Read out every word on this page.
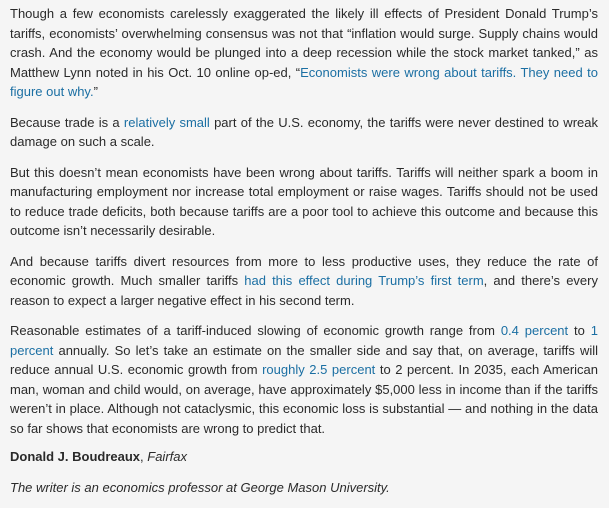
Though a few economists carelessly exaggerated the likely ill effects of President Donald Trump’s tariffs, economists’ overwhelming consensus was not that “inflation would surge. Supply chains would crash. And the economy would be plunged into a deep recession while the stock market tanked,” as Matthew Lynn noted in his Oct. 10 online op-ed, “Economists were wrong about tariffs. They need to figure out why.”

Because trade is a relatively small part of the U.S. economy, the tariffs were never destined to wreak damage on such a scale.

But this doesn’t mean economists have been wrong about tariffs. Tariffs will neither spark a boom in manufacturing employment nor increase total employment or raise wages. Tariffs should not be used to reduce trade deficits, both because tariffs are a poor tool to achieve this outcome and because this outcome isn’t necessarily desirable.

And because tariffs divert resources from more to less productive uses, they reduce the rate of economic growth. Much smaller tariffs had this effect during Trump’s first term, and there’s every reason to expect a larger negative effect in his second term.

Reasonable estimates of a tariff-induced slowing of economic growth range from 0.4 percent to 1 percent annually. So let’s take an estimate on the smaller side and say that, on average, tariffs will reduce annual U.S. economic growth from roughly 2.5 percent to 2 percent. In 2035, each American man, woman and child would, on average, have approximately $5,000 less in income than if the tariffs weren’t in place. Although not cataclysmic, this economic loss is substantial — and nothing in the data so far shows that economists are wrong to predict that.

Donald J. Boudreaux, Fairfax

The writer is an economics professor at George Mason University.
